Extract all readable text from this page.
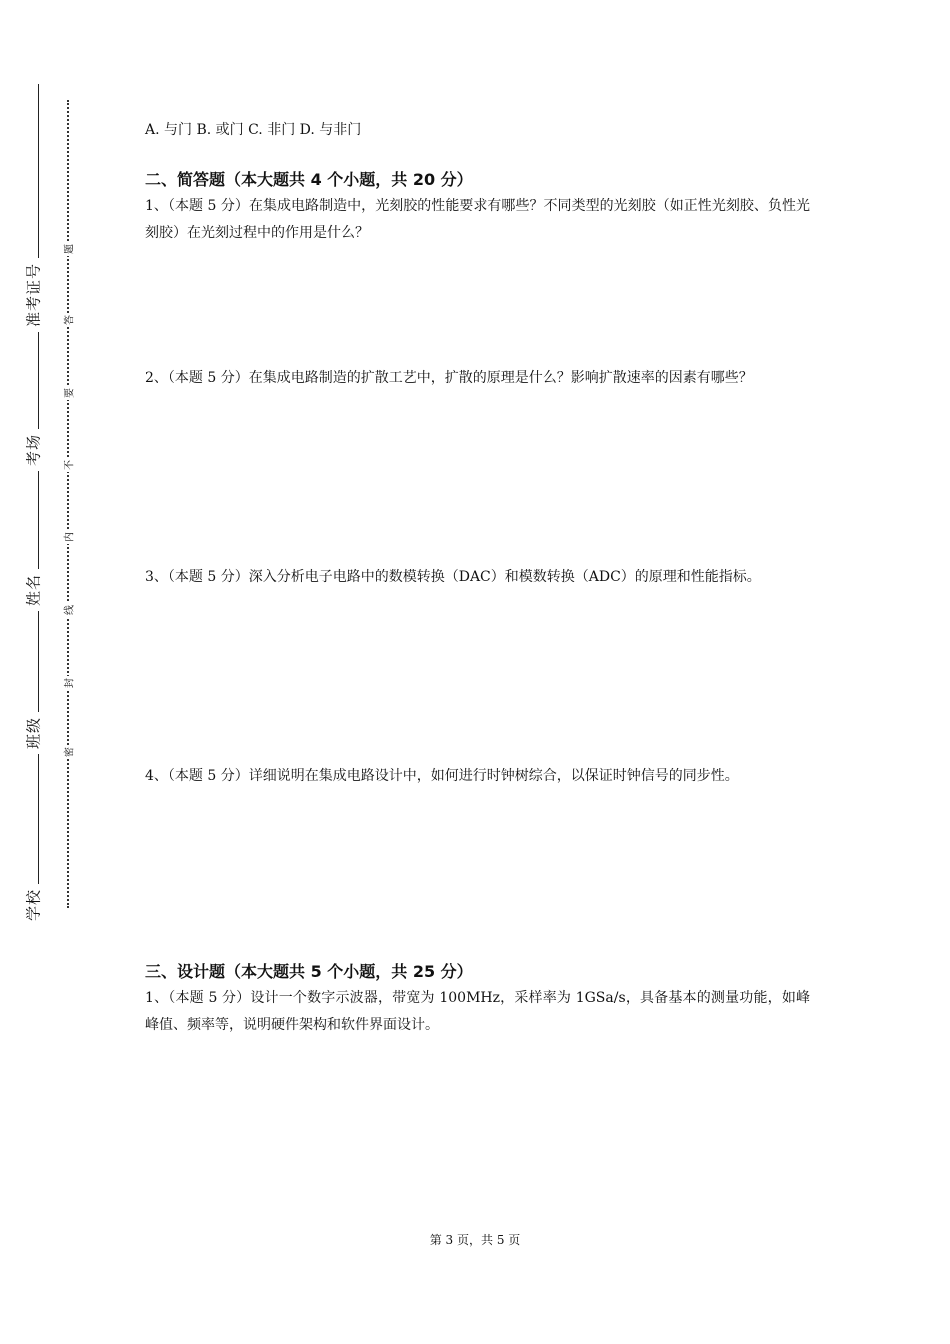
学校
班级
姓名
考场
准考证号
密
封
线
内
不
要
答
题
A. 与门 B. 或门 C. 非门 D. 与非门
二、简答题（本大题共 4 个小题，共 20 分）
1、（本题 5 分）在集成电路制造中，光刻胶的性能要求有哪些？不同类型的光刻胶（如正性光刻胶、负性光刻胶）在光刻过程中的作用是什么？
2、（本题 5 分）在集成电路制造的扩散工艺中，扩散的原理是什么？影响扩散速率的因素有哪些？
3、（本题 5 分）深入分析电子电路中的数模转换（DAC）和模数转换（ADC）的原理和性能指标。
4、（本题 5 分）详细说明在集成电路设计中，如何进行时钟树综合，以保证时钟信号的同步性。
三、设计题（本大题共 5 个小题，共 25 分）
1、（本题 5 分）设计一个数字示波器，带宽为 100MHz，采样率为 1GSa/s，具备基本的测量功能，如峰峰值、频率等，说明硬件架构和软件界面设计。
第 3 页，共 5 页
